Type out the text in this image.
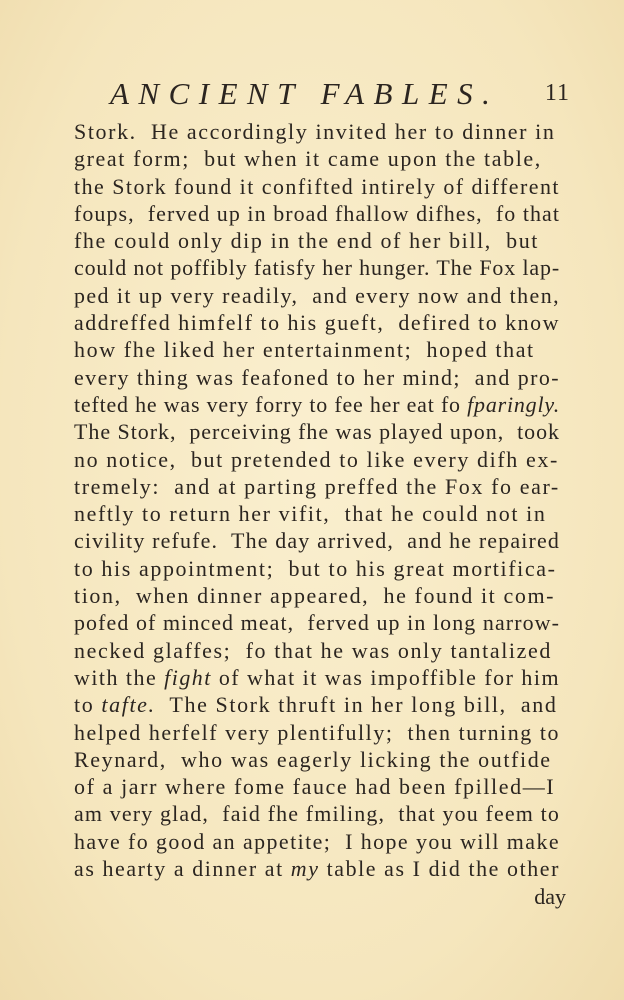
ANCIENT FABLES. 11
Stork.  He accordingly invited her to dinner in
great form;  but when it came upon the table,
the Stork found it confifted intirely of different
foups,  ferved up in broad fhallow difhes,  fo that
fhe could only dip in the end of her bill,  but
could not poffibly fatisfy her hunger. The Fox lap-
ped it up very readily,  and every now and then,
addreffed himfelf to his gueft,  defired to know
how fhe liked her entertainment;  hoped that
every thing was feafoned to her mind;  and pro-
tefted he was very forry to fee her eat fo fparingly.
The Stork,  perceiving fhe was played upon,  took
no notice,  but pretended to like every difh ex-
tremely:  and at parting preffed the Fox fo ear-
neftly to return her vifit,  that he could not in
civility refufe.  The day arrived,  and he repaired
to his appointment;  but to his great mortifica-
tion,  when dinner appeared,  he found it com-
pofed of minced meat,  ferved up in long narrow-
necked glaffes;  fo that he was only tantalized
with the fight of what it was impoffible for him
to tafte.  The Stork thruft in her long bill,  and
helped herfelf very plentifully;  then turning to
Reynard,  who was eagerly licking the outfide
of a jarr where fome fauce had been fpilled—I
am very glad,  faid fhe fmiling,  that you feem to
have fo good an appetite;  I hope you will make
as hearty a dinner at my table as I did the other
day
